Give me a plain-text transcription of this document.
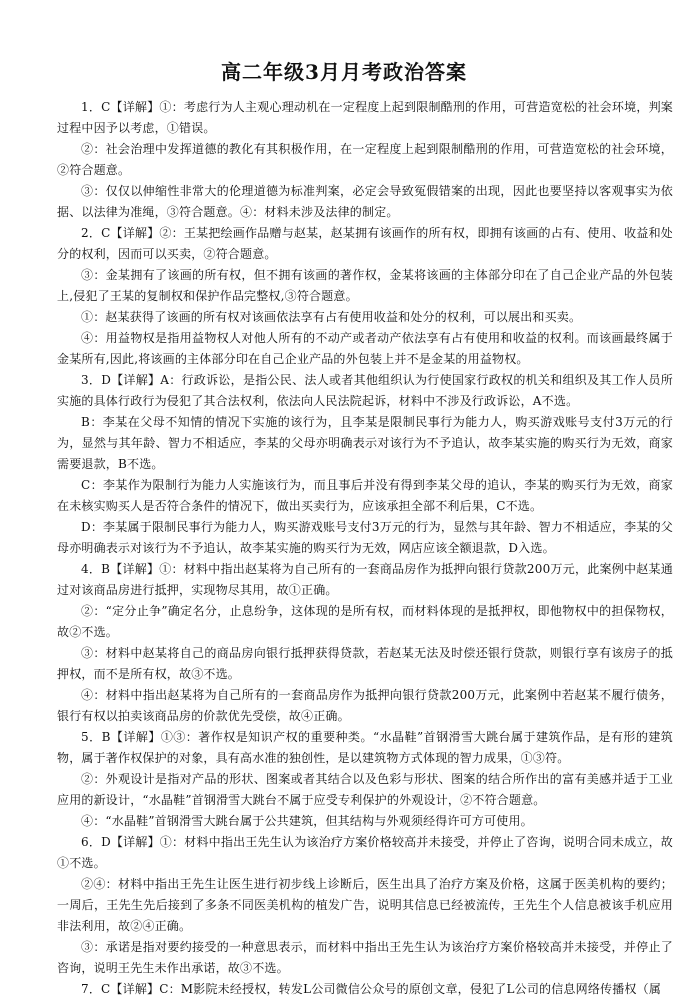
高二年级3月月考政治答案

1．C【详解】①：考虑行为人主观心理动机在一定程度上起到限制酷刑的作用，可营造宽松的社会环境，判案过程中因予以考虑，①错误。

②：社会治理中发挥道德的教化有其积极作用，在一定程度上起到限制酷刑的作用，可营造宽松的社会环境，②符合题意。

③：仅仅以伸缩性非常大的伦理道德为标准判案，必定会导致冤假错案的出现，因此也要坚持以客观事实为依据、以法律为准绳，③符合题意。④：材料未涉及法律的制定。

2．C【详解】②：王某把绘画作品赠与赵某，赵某拥有该画作的所有权，即拥有该画的占有、使用、收益和处分的权利，因而可以买卖，②符合题意。

③：金某拥有了该画的所有权，但不拥有该画的著作权，金某将该画的主体部分印在了自己企业产品的外包装上,侵犯了王某的复制权和保护作品完整权,③符合题意。

①：赵某获得了该画的所有权对该画依法享有占有使用收益和处分的权利，可以展出和买卖。

④：用益物权是指用益物权人对他人所有的不动产或者动产依法享有占有使用和收益的权利。而该画最终属于金某所有,因此,将该画的主体部分印在自己企业产品的外包装上并不是金某的用益物权。

3．D【详解】A：行政诉讼，是指公民、法人或者其他组织认为行使国家行政权的机关和组织及其工作人员所实施的具体行政行为侵犯了其合法权利，依法向人民法院起诉，材料中不涉及行政诉讼，A不选。

B：李某在父母不知情的情况下实施的该行为，且李某是限制民事行为能力人，购买游戏账号支付3万元的行为，显然与其年龄、智力不相适应，李某的父母亦明确表示对该行为不予追认，故李某实施的购买行为无效，商家需要退款，B不选。

C：李某作为限制行为能力人实施该行为，而且事后并没有得到李某父母的追认，李某的购买行为无效，商家在未核实购买人是否符合条件的情况下，做出买卖行为，应该承担全部不利后果，C不选。

D：李某属于限制民事行为能力人，购买游戏账号支付3万元的行为，显然与其年龄、智力不相适应，李某的父母亦明确表示对该行为不予追认，故李某实施的购买行为无效，网店应该全额退款，D入选。

4．B【详解】①：材料中指出赵某将为自己所有的一套商品房作为抵押向银行贷款200万元，此案例中赵某通过对该商品房进行抵押，实现物尽其用，故①正确。

②：“定分止争”确定名分，止息纷争，这体现的是所有权，而材料体现的是抵押权，即他物权中的担保物权，故②不选。

③：材料中赵某将自己的商品房向银行抵押获得贷款，若赵某无法及时偿还银行贷款，则银行享有该房子的抵押权，而不是所有权，故③不选。

④：材料中指出赵某将为自己所有的一套商品房作为抵押向银行贷款200万元，此案例中若赵某不履行债务，银行有权以拍卖该商品房的价款优先受偿，故④正确。

5．B【详解】①③：著作权是知识产权的重要种类。“水晶鞋”首钢滑雪大跳台属于建筑作品，是有形的建筑物，属于著作权保护的对象，具有高水准的独创性，是以建筑物方式体现的智力成果，①③符。

②：外观设计是指对产品的形状、图案或者其结合以及色彩与形状、图案的结合所作出的富有美感并适于工业应用的新设计，“水晶鞋”首钢滑雪大跳台不属于应受专利保护的外观设计，②不符合题意。

④：“水晶鞋”首钢滑雪大跳台属于公共建筑，但其结构与外观须经得许可方可使用。

6．D【详解】①：材料中指出王先生认为该治疗方案价格较高并未接受，并停止了咨询，说明合同未成立，故①不选。

②④：材料中指出王先生让医生进行初步线上诊断后，医生出具了治疗方案及价格，这属于医美机构的要约；一周后，王先生先后接到了多条不同医美机构的植发广告，说明其信息已经被流传，王先生个人信息被该手机应用非法利用，故②④正确。

③：承诺是指对要约接受的一种意思表示，而材料中指出王先生认为该治疗方案价格较高并未接受，并停止了咨询，说明王先生未作出承诺，故③不选。

7．C【详解】C：M影院未经授权，转发L公司微信公众号的原创文章，侵犯了L公司的信息网络传播权（属
